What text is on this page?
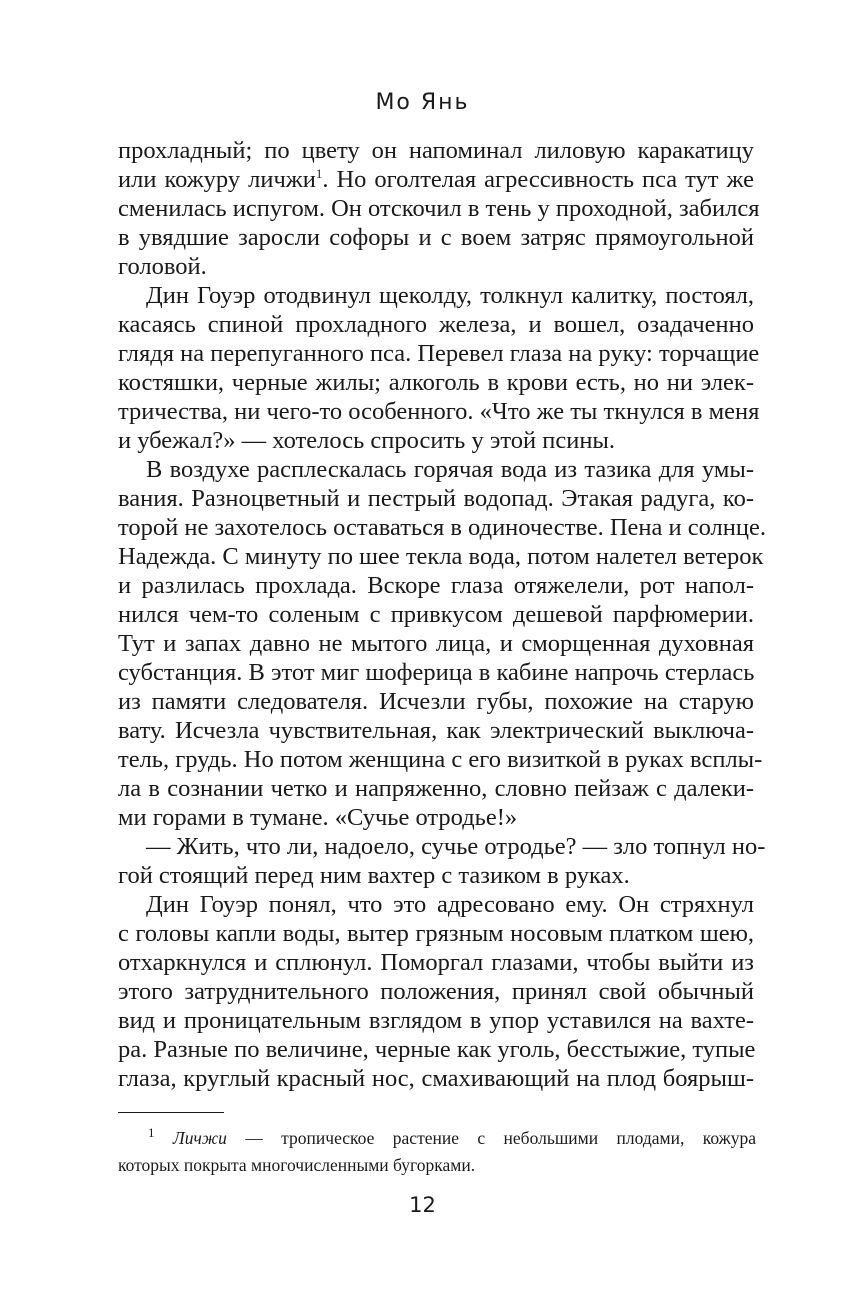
Мо Янь
прохладный; по цвету он напоминал лиловую каракатицу
или кожуру личжи$^1$. Но оголтелая агрессивность пса тут же
сменилась испугом. Он отскочил в тень у проходной, забился
в увядшие заросли софоры и с воем затряс прямоугольной
головой.
Дин Гоуэр отодвинул щеколду, толкнул калитку, постоял,
касаясь спиной прохладного железа, и вошел, озадаченно
глядя на перепуганного пса. Перевел глаза на руку: торчащие
костяшки, черные жилы; алкоголь в крови есть, но ни элек-
тричества, ни чего-то особенного. «Что же ты ткнулся в меня
и убежал?» — хотелось спросить у этой псины.
В воздухе расплескалась горячая вода из тазика для умы-
вания. Разноцветный и пестрый водопад. Этакая радуга, ко-
торой не захотелось оставаться в одиночестве. Пена и солнце.
Надежда. С минуту по шее текла вода, потом налетел ветерок
и разлилась прохлада. Вскоре глаза отяжелели, рот напол-
нился чем-то соленым с привкусом дешевой парфюмерии.
Тут и запах давно не мытого лица, и сморщенная духовная
субстанция. В этот миг шоферица в кабине напрочь стерлась
из памяти следователя. Исчезли губы, похожие на старую
вату. Исчезла чувствительная, как электрический выключа-
тель, грудь. Но потом женщина с его визиткой в руках всплы-
ла в сознании четко и напряженно, словно пейзаж с далеки-
ми горами в тумане. «Сучье отродье!»
— Жить, что ли, надоело, сучье отродье? — зло топнул но-
гой стоящий перед ним вахтер с тазиком в руках.
Дин Гоуэр понял, что это адресовано ему. Он стряхнул
с головы капли воды, вытер грязным носовым платком шею,
отхаркнулся и сплюнул. Поморгал глазами, чтобы выйти из
этого затруднительного положения, принял свой обычный
вид и проницательным взглядом в упор уставился на вахте-
ра. Разные по величине, черные как уголь, бесстыжие, тупые
глаза, круглый красный нос, смахивающий на плод боярыш-
$^1$ Личжи — тропическое растение с небольшими плодами, кожура
которых покрыта многочисленными бугорками.
12
